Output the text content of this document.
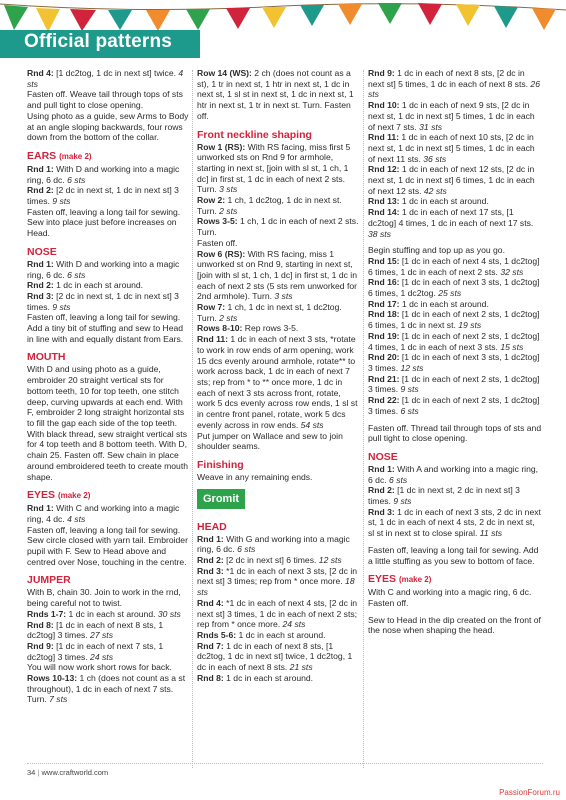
Official patterns

Rnd 4: [1 dc2tog, 1 dc in next st] twice. 4 sts

Fasten off. Weave tail through tops of sts and pull tight to close opening.

Using photo as a guide, sew Arms to Body at an angle sloping backwards, four rows down from the bottom of the collar.

EARS (make 2)

Rnd 1: With D and working into a magic ring, 6 dc. 6 sts

Rnd 2: [2 dc in next st, 1 dc in next st] 3 times. 9 sts

Fasten off, leaving a long tail for sewing. Sew into place just before increases on Head.

NOSE

Rnd 1: With D and working into a magic ring, 6 dc. 6 sts

Rnd 2: 1 dc in each st around.

Rnd 3: [2 dc in next st, 1 dc in next st] 3 times. 9 sts

Fasten off, leaving a long tail for sewing. Add a tiny bit of stuffing and sew to Head in line with and equally distant from Ears.

MOUTH

With D and using photo as a guide, embroider 20 straight vertical sts for bottom teeth, 10 for top teeth, one stitch deep, curving upwards at each end. With F, embroider 2 long straight horizontal sts to fill the gap each side of the top teeth. With black thread, sew straight vertical sts for 4 top teeth and 8 bottom teeth. With D, chain 25. Fasten off. Sew chain in place around embroidered teeth to create mouth shape.

EYES (make 2)

Rnd 1: With C and working into a magic ring, 4 dc. 4 sts

Fasten off, leaving a long tail for sewing. Sew circle closed with yarn tail. Embroider pupil with F. Sew to Head above and centred over Nose, touching in the centre.

JUMPER

With B, chain 30. Join to work in the rnd, being careful not to twist.

Rnds 1-7: 1 dc in each st around. 30 sts

Rnd 8: [1 dc in each of next 8 sts, 1 dc2tog] 3 times. 27 sts

Rnd 9: [1 dc in each of next 7 sts, 1 dc2tog] 3 times. 24 sts

You will now work short rows for back.

Rows 10-13: 1 ch (does not count as a st throughout), 1 dc in each of next 7 sts. Turn. 7 sts

Row 14 (WS): 2 ch (does not count as a st), 1 tr in next st, 1 htr in next st, 1 dc in next st, 1 sl st in next st, 1 dc in next st, 1 htr in next st, 1 tr in next st. Turn. Fasten off.

Front neckline shaping

Row 1 (RS): With RS facing, miss first 5 unworked sts on Rnd 9 for armhole, starting in next st, [join with sl st, 1 ch, 1 dc] in first st, 1 dc in each of next 2 sts. Turn. 3 sts

Row 2: 1 ch, 1 dc2tog, 1 dc in next st. Turn. 2 sts

Rows 3-5: 1 ch, 1 dc in each of next 2 sts. Turn.

Fasten off.

Row 6 (RS): With RS facing, miss 1 unworked st on Rnd 9, starting in next st, [join with sl st, 1 ch, 1 dc] in first st, 1 dc in each of next 2 sts (5 sts rem unworked for 2nd armhole). Turn. 3 sts

Row 7: 1 ch, 1 dc in next st, 1 dc2tog. Turn. 2 sts

Rows 8-10: Rep rows 3-5.

Rnd 11: 1 dc in each of next 3 sts, *rotate to work in row ends of arm opening, work 15 dcs evenly around armhole, rotate** to work across back, 1 dc in each of next 7 sts; rep from * to ** once more, 1 dc in each of next 3 sts across front, rotate, work 5 dcs evenly across row ends, 1 sl st in centre front panel, rotate, work 5 dcs evenly across in row ends. 54 sts

Put jumper on Wallace and sew to join shoulder seams.

Finishing

Weave in any remaining ends.

Gromit
HEAD

Rnd 1: With G and working into a magic ring, 6 dc. 6 sts

Rnd 2: [2 dc in next st] 6 times. 12 sts

Rnd 3: *1 dc in each of next 3 sts, [2 dc in next st] 3 times; rep from * once more. 18 sts

Rnd 4: *1 dc in each of next 4 sts, [2 dc in next st] 3 times, 1 dc in each of next 2 sts; rep from * once more. 24 sts

Rnds 5-6: 1 dc in each st around.

Rnd 7: 1 dc in each of next 8 sts, [1 dc2tog, 1 dc in next st] twice, 1 dc2tog, 1 dc in each of next 8 sts. 21 sts

Rnd 8: 1 dc in each st around.

Rnd 9: 1 dc in each of next 8 sts, [2 dc in next st] 5 times, 1 dc in each of next 8 sts. 26 sts

Rnd 10: 1 dc in each of next 9 sts, [2 dc in next st, 1 dc in next st] 5 times, 1 dc in each of next 7 sts. 31 sts

Rnd 11: 1 dc in each of next 10 sts, [2 dc in next st, 1 dc in next st] 5 times, 1 dc in each of next 11 sts. 36 sts

Rnd 12: 1 dc in each of next 12 sts, [2 dc in next st, 1 dc in next st] 6 times, 1 dc in each of next 12 sts. 42 sts

Rnd 13: 1 dc in each st around.

Rnd 14: 1 dc in each of next 17 sts, [1 dc2tog] 4 times, 1 dc in each of next 17 sts. 38 sts

Begin stuffing and top up as you go.

Rnd 15: [1 dc in each of next 4 sts, 1 dc2tog] 6 times, 1 dc in each of next 2 sts. 32 sts

Rnd 16: [1 dc in each of next 3 sts, 1 dc2tog] 6 times, 1 dc2tog. 25 sts

Rnd 17: 1 dc in each st around.

Rnd 18: [1 dc in each of next 2 sts, 1 dc2tog] 6 times, 1 dc in next st. 19 sts

Rnd 19: [1 dc in each of next 2 sts, 1 dc2tog] 4 times, 1 dc in each of next 3 sts. 15 sts

Rnd 20: [1 dc in each of next 3 sts, 1 dc2tog] 3 times. 12 sts

Rnd 21: [1 dc in each of next 2 sts, 1 dc2tog] 3 times. 9 sts

Rnd 22: [1 dc in each of next 2 sts, 1 dc2tog] 3 times. 6 sts

Fasten off. Thread tail through tops of sts and pull tight to close opening.

NOSE

Rnd 1: With A and working into a magic ring, 6 dc. 6 sts

Rnd 2: [1 dc in next st, 2 dc in next st] 3 times. 9 sts

Rnd 3: 1 dc in each of next 3 sts, 2 dc in next st, 1 dc in each of next 4 sts, 2 dc in next st, sl st in next st to close spiral. 11 sts

Fasten off, leaving a long tail for sewing. Add a little stuffing as you sew to bottom of face.

EYES (make 2)

With C and working into a magic ring, 6 dc. Fasten off.

Sew to Head in the dip created on the front of the nose when shaping the head.

34 | www.craftworld.com
PassionForum.ru
